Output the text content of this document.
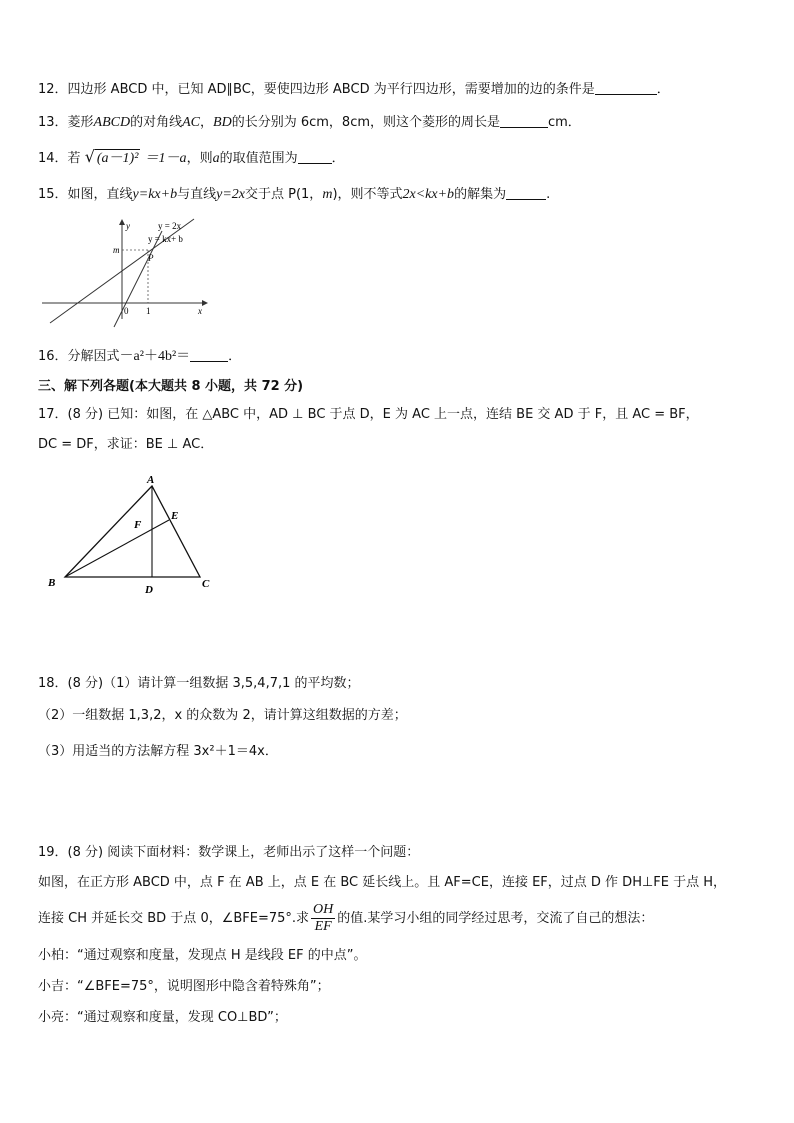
12．四边形 ABCD 中，已知 AD∥BC，要使四边形 ABCD 为平行四边形，需要增加的边的条件是	．
13．菱形ABCD的对角线AC，BD的长分别为 6cm，8cm，则这个菱形的周长是	cm．
14．若 √ (a－1)² ＝1－a，则a的取值范围为	．
15．如图，直线y=kx+b与直线y=2x交于点 P(1，m)，则不等式2x<kx+b的解集为	.
y = 2x
y = kx+ b
y
x
m
P
0 1
16．分解因式－a²＋4b²＝	．
三、解下列各题(本大题共 8 小题，共 72 分)
17．(8 分) 已知：如图，在 △ABC 中，AD ⊥ BC 于点 D，E 为 AC 上一点，连结 BE 交 AD 于 F，且 AC = BF，
DC = DF，求证：BE ⊥ AC．
A
B	C
D
E
F
18．(8 分)（1）请计算一组数据 3,5,4,7,1 的平均数；
（2）一组数据 1,3,2，x 的众数为 2，请计算这组数据的方差；
（3）用适当的方法解方程 3x²＋1＝4x．
19．(8 分) 阅读下面材料：数学课上，老师出示了这样一个问题：
如图，在正方形 ABCD 中，点 F 在 AB 上，点 E 在 BC 延长线上。且 AF=CE，连接 EF，过点 D 作 DH⊥FE 于点 H，
连接 CH 并延长交 BD 于点 0，∠BFE=75°.求 $\frac{OH}{EF}$ 的值.某学习小组的同学经过思考，交流了自己的想法：
小柏：“通过观察和度量，发现点 H 是线段 EF 的中点”。
小吉：“∠BFE=75°，说明图形中隐含着特殊角”；
小亮：“通过观察和度量，发现 CO⊥BD”；
